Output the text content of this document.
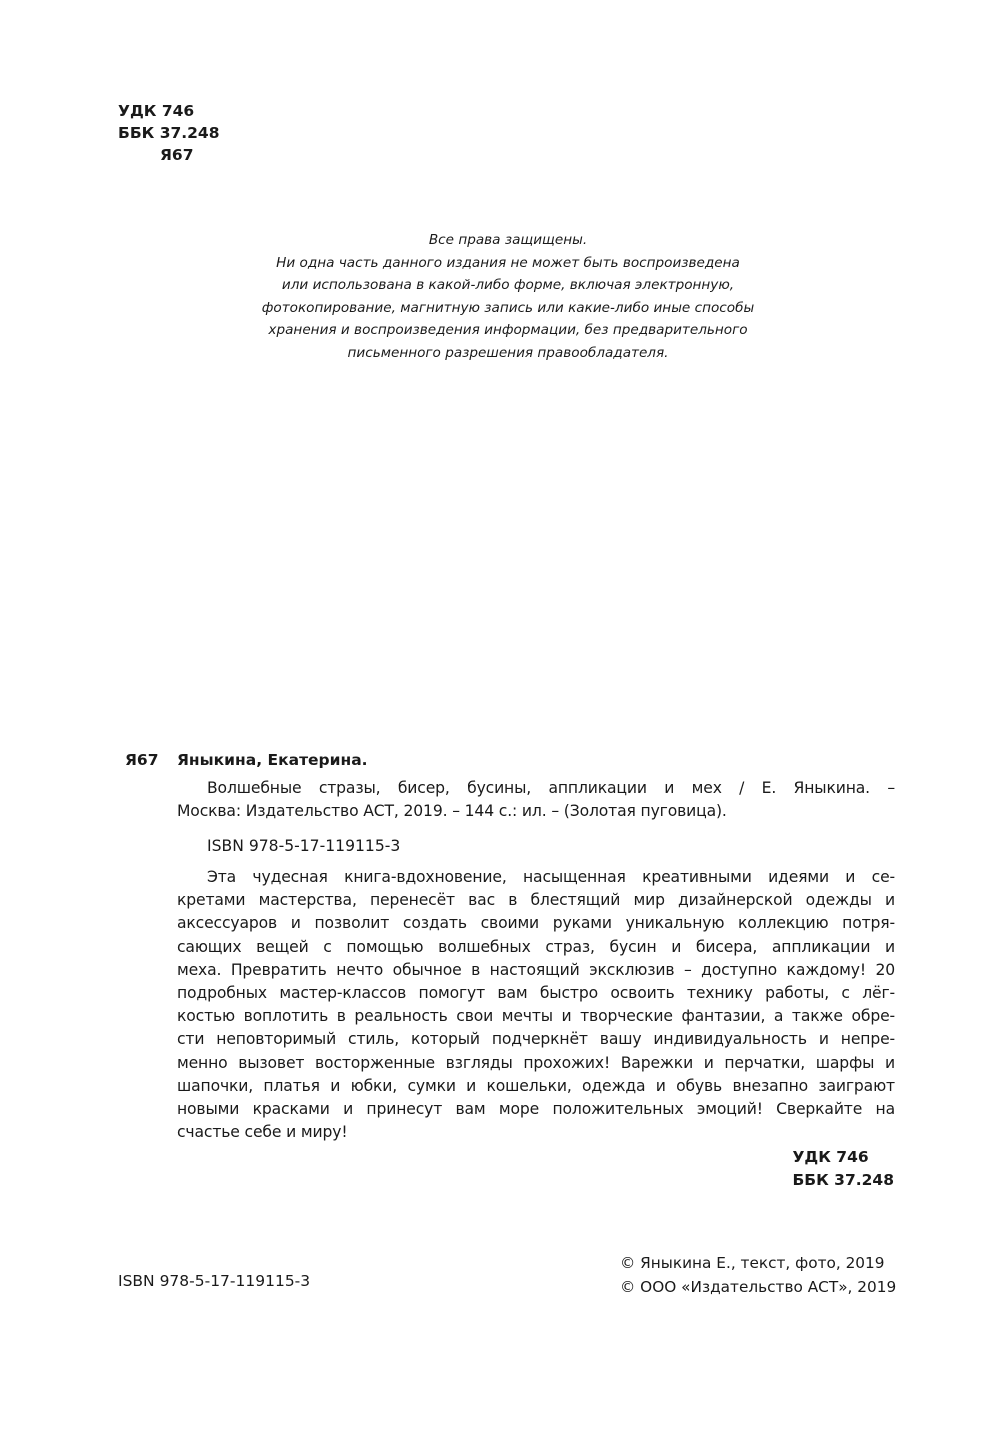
УДК 746
ББК 37.248
Я67
Все права защищены.
Ни одна часть данного издания не может быть воспроизведена
или использована в какой-либо форме, включая электронную,
фотокопирование, магнитную запись или какие-либо иные способы
хранения и воспроизведения информации, без предварительного
письменного разрешения правообладателя.
Я67 Яныкина, Екатерина.
Волшебные стразы, бисер, бусины, аппликации и мех / Е. Яныкина. –
Москва: Издательство АСТ, 2019. – 144 с.: ил. – (Золотая пуговица).
ISBN 978-5-17-119115-3
Эта чудесная книга-вдохновение, насыщенная креативными идеями и се-
кретами мастерства, перенесёт вас в блестящий мир дизайнерской одежды и
аксессуаров и позволит создать своими руками уникальную коллекцию потря-
сающих вещей с помощью волшебных страз, бусин и бисера, аппликации и
меха. Превратить нечто обычное в настоящий эксклюзив – доступно каждому! 20
подробных мастер-классов помогут вам быстро освоить технику работы, с лёг-
костью воплотить в реальность свои мечты и творческие фантазии, а также обре-
сти неповторимый стиль, который подчеркнёт вашу индивидуальность и непре-
менно вызовет восторженные взгляды прохожих! Варежки и перчатки, шарфы и
шапочки, платья и юбки, сумки и кошельки, одежда и обувь внезапно заиграют
новыми красками и принесут вам море положительных эмоций! Сверкайте на
счастье себе и миру!
УДК 746
ББК 37.248
ISBN 978-5-17-119115-3
© Яныкина Е., текст, фото, 2019
© ООО «Издательство АСТ», 2019
